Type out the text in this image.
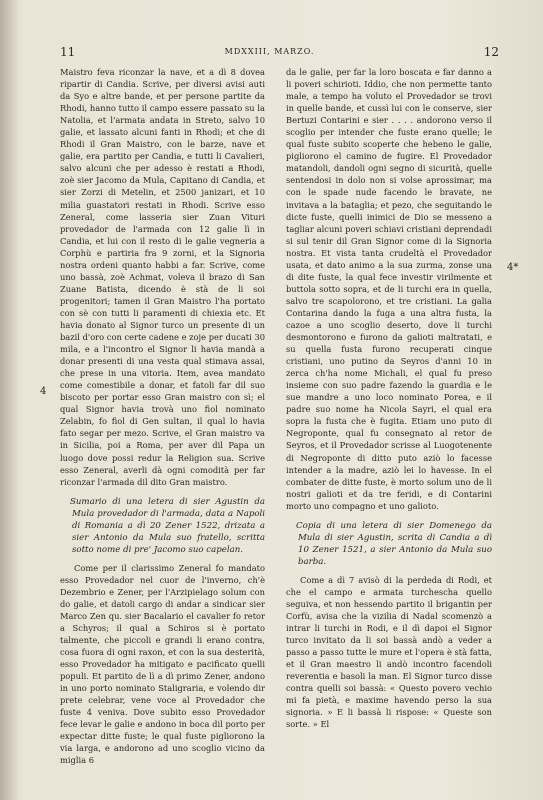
11	MDXXIII, MARZO.	12
4
4*

Maistro feva riconzar la nave, et a dì 8 dovea ripartir di Candia. Scrive, per diversi avisi auti da Syo e altre bande, et per persone partite da Rhodi, hanno tutto il campo essere passato su la Natolia, et l'armata andata in Streto, salvo 10 galie, et lassato alcuni fanti in Rhodi; et che di Rhodi il Gran Maistro, con le barze, nave et galie, era partito per Candia, e tutti li Cavalieri, salvo alcuni che per adesso è restati a Rhodi, zoè sier Jacomo da Mula, Capitano di Candia, et sier Zorzi di Metelin, et 2500 janizari, et 10 milia guastatori restati in Rhodi. Scrive esso Zeneral, come lasseria sier Zuan Vituri provedador de l'armada con 12 galie lì in Candia, et lui con il resto di le galie vegneria a Corphù e partiria fra 9 zorni, et la Signoria nostra ordeni quanto habbi a far. Scrive, come uno bassà, zoè Achmat, voleva il brazo di San Zuane Batista, dicendo è stà de li soi progenitori; tamen il Gran Maistro l'ha portato con sè con tutti li paramenti di chiexia etc. Et havia donato al Signor turco un presente di un bazil d'oro con certe cadene e zoje per ducati 30 mila, e a l'incontro el Signor li havia mandà a donar presenti di una vesta qual stimava assai, che prese in una vitoria. Item, avea mandato come comestibile a donar, et fatoli far dil suo biscoto per portar esso Gran maistro con sì; el qual Signor havia trovà uno fiol nominato Zelabin, fo fiol di Gen sultan, il qual lo havia fato segar per mezo. Scrive, el Gran maistro va in Sicilia, poi a Roma, per aver dil Papa un luogo dove possi redur la Religion sua. Scrive esso Zeneral, averli dà ogni comodità per far riconzar l'armada dil dito Gran maistro.

Sumario di una letera di sier Agustin da Mula provedador di l'armada, data a Napoli di Romania a dì 20 Zener 1522, drizata a sier Antonio da Mula suo fratello, scritta sotto nome di pre' Jacomo suo capelan.

Come per il clarissimo Zeneral fo mandato esso Provedador nel cuor de l'inverno, ch'è Dezembrio e Zener, per l'Arzipielago solum con do galie, et datoli cargo di andar a sindicar sier Marco Zen qu. sier Bacalario el cavalier fo retor a Schyros; il qual a Schiros si è portato talmente, che piccoli e grandi li erano contra, cosa fuora di ogni raxon, et con la sua desterità, esso Provedador ha mitigato e pacificato quelli populi. Et partito de lì a dì primo Zener, andono in uno porto nominato Staligraria, e volendo dir prete celebrar, vene voce al Provedador che fuste 4 veniva. Dove subito esso Provedador fece levar le galie e andono in boca dil porto per expectar ditte fuste; le qual fuste pigliorono la via larga, e andorono ad uno scoglio vicino da miglia 6

da le galie, per far la loro boscata e far danno a li poveri schirioti. Iddio, che non permette tanto male, a tempo ha voluto el Provedador se trovi in quelle bande, et cussì lui con le conserve, sier Bertuzi Contarini e sier . . . . andorono verso il scoglio per intender che fuste erano quelle; le qual fuste subito scoperte che hebeno le galie, pigliorono el camino de fugire. El Provedador matandoli, dandoli ogni segno di sicurità, quelle sentendosi in dolo non si volse aprossimar, ma con le spade nude facendo le bravate, ne invitava a la bataglia; et pezo, che seguitando le dicte fuste, quelli inimici de Dio se messeno a tagliar alcuni poveri schiavi cristiani deprendadi si sul tenir dil Gran Signor come di la Signoria nostra. Et vista tanta crudeltà el Provedador usata, et dato animo a la sua zurma, zonse una di dite fuste, la qual fece investir virilmente et buttola sotto sopra, et de li turchi era in quella, salvo tre scapolorono, et tre cristiani. La galia Contarina dando la fuga a una altra fusta, la cazoe a uno scoglio deserto, dove li turchi desmontorono e furono da galioti maltratati, e su quella fusta furono recuperati cinque cristiani, uno putino da Seyros d'anni 10 in zerca ch'ha nome Michali, el qual fu preso insieme con suo padre fazendo la guardia e le sue mandre a uno loco nominato Porea, e il padre suo nome ha Nicola Sayri, el qual era sopra la fusta che è fugita. Etiam uno puto di Negroponte, qual fu consegnato al retor de Seyros, et il Provedador scrisse al Luogotenente di Negroponte di ditto puto aziò lo facesse intender a la madre, aziò lei lo havesse. In el combater de ditte fuste, è morto solum uno de li nostri galioti et da tre feridi, e di Contarini morto uno compagno et uno galioto.

Copia di una letera di sier Domenego da Mula di sier Agustin, scrita di Candia a dì 10 Zener 1521, a sier Antonio da Mula suo barba.

Come a dì 7 avisò di la perdeda di Rodi, et che el campo e armata turchescha quello seguiva, et non hessendo partito il brigantin per Corfù, avisa che la vizilia di Nadal scomenzò a intrar li turchi in Rodi, e il dì dapoi el Signor turco invitato da li soi bassà andò a veder a passo a passo tutte le mure et l'opera è stà fatta, et il Gran maestro li andò incontro facendoli reverentia e basoli la man. El Signor turco disse contra quelli soi bassà: « Questo povero vechio mi fa pietà, e maxime havendo perso la sua signoria. » E li bassà li rispose: « Queste son sorte. » El
